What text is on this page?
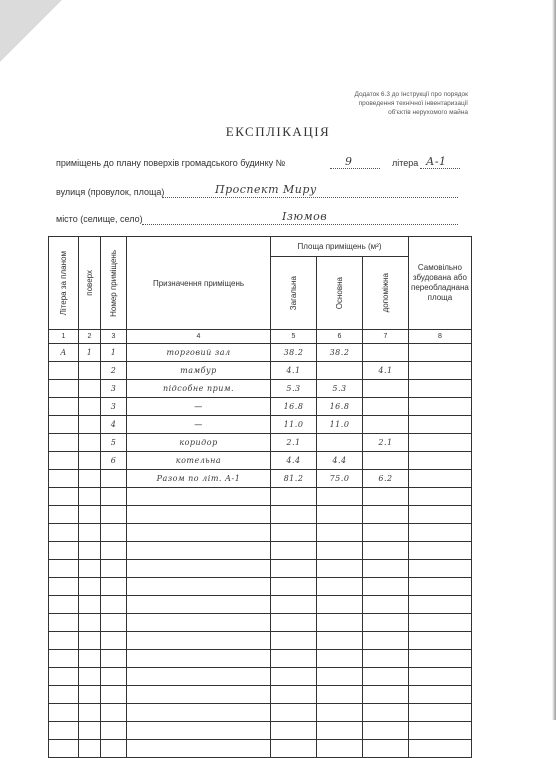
Додаток 6.3 до Інструкції про порядок
проведення технічної інвентаризації
об'єктів нерухомого майна
ЕКСПЛІКАЦІЯ
приміщень до плану поверхів громадського будинку №	9	літера А-1
вулиця (провулок, площа)	Проспект Миру
місто (селище, село)	Ізюмов
Літера за планом	поверх	Номер приміщень	Призначення приміщень	Площа приміщень (м²)			Самовільно збудована або переобладнана площа

				Загальна	Основна	допоміжна	

1	2	3	4	5	6	7	8
А	1	1	торговий зал	38.2	38.2		
		2	тамбур	4.1		4.1	
		3	підсобне прим.	5.3	5.3		
		3	—	16.8	16.8		
		4	—	11.0	11.0		
		5	коридор	2.1		2.1	
		6	котельна	4.4	4.4		
			Разом по літ. А-1	81.2	75.0	6.2	
